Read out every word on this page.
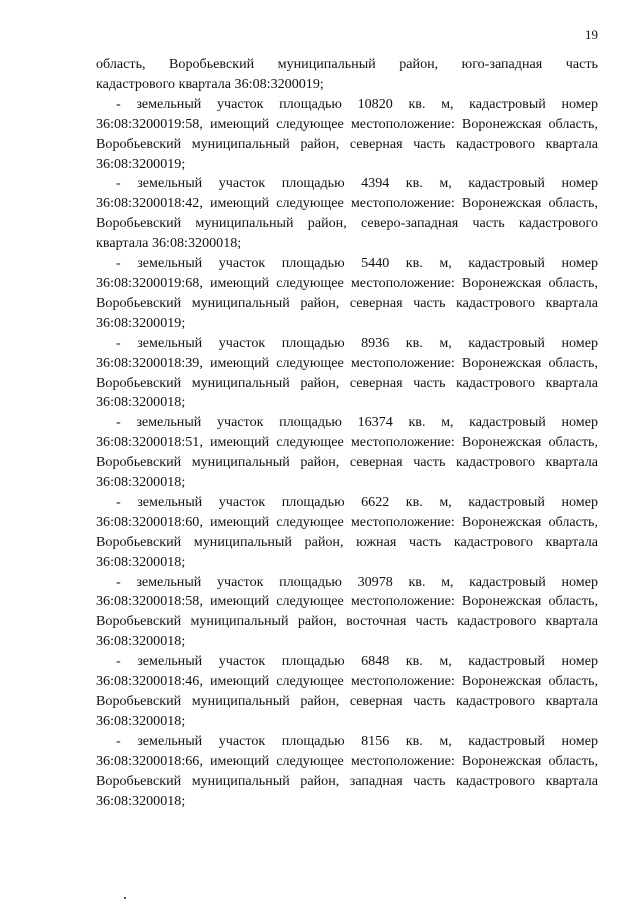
19
область, Воробьевский муниципальный район, юго-западная часть

кадастрового квартала 36:08:3200019;

- земельный участок площадью 10820 кв. м, кадастровый номер 36:08:3200019:58, имеющий следующее местоположение: Воронежская область, Воробьевский муниципальный район, северная часть кадастрового квартала 36:08:3200019;

- земельный участок площадью 4394 кв. м, кадастровый номер 36:08:3200018:42, имеющий следующее местоположение: Воронежская область, Воробьевский муниципальный район, северо-западная часть кадастрового квартала 36:08:3200018;

- земельный участок площадью 5440 кв. м, кадастровый номер 36:08:3200019:68, имеющий следующее местоположение: Воронежская область, Воробьевский муниципальный район, северная часть кадастрового квартала 36:08:3200019;

- земельный участок площадью 8936 кв. м, кадастровый номер 36:08:3200018:39, имеющий следующее местоположение: Воронежская область, Воробьевский муниципальный район, северная часть кадастрового квартала 36:08:3200018;

- земельный участок площадью 16374 кв. м, кадастровый номер 36:08:3200018:51, имеющий следующее местоположение: Воронежская область, Воробьевский муниципальный район, северная часть кадастрового квартала 36:08:3200018;

- земельный участок площадью 6622 кв. м, кадастровый номер 36:08:3200018:60, имеющий следующее местоположение: Воронежская область, Воробьевский муниципальный район, южная часть кадастрового квартала 36:08:3200018;

- земельный участок площадью 30978 кв. м, кадастровый номер 36:08:3200018:58, имеющий следующее местоположение: Воронежская область, Воробьевский муниципальный район, восточная часть кадастрового квартала 36:08:3200018;

- земельный участок площадью 6848 кв. м, кадастровый номер 36:08:3200018:46, имеющий следующее местоположение: Воронежская область, Воробьевский муниципальный район, северная часть кадастрового квартала 36:08:3200018;

- земельный участок площадью 8156 кв. м, кадастровый номер 36:08:3200018:66, имеющий следующее местоположение: Воронежская область, Воробьевский муниципальный район, западная часть кадастрового квартала 36:08:3200018;
